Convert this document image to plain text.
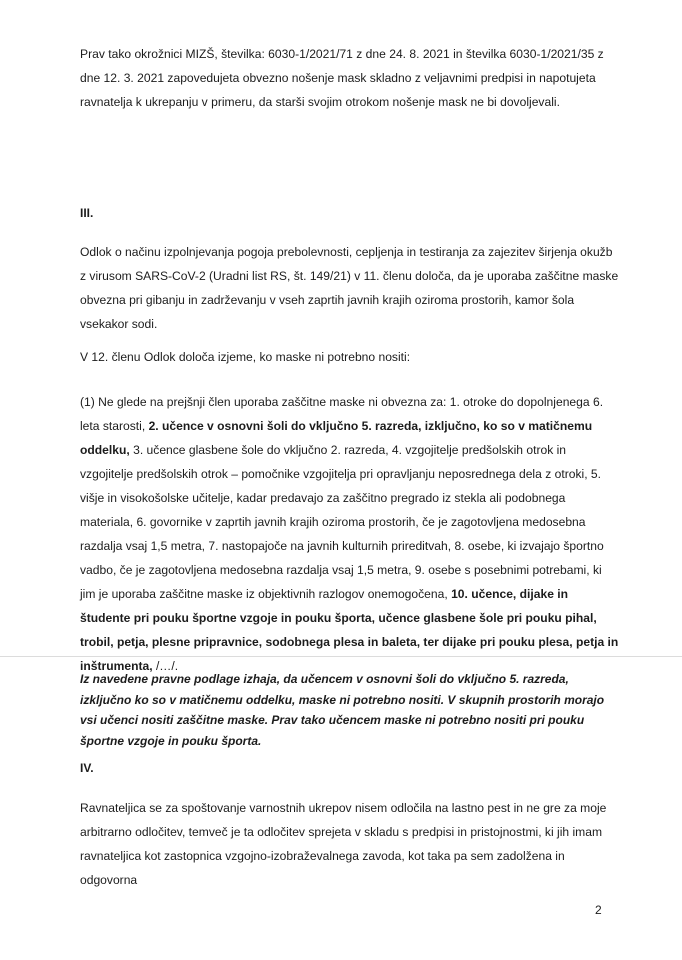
Prav tako okrožnici MIZŠ, številka: 6030-1/2021/71 z dne 24. 8. 2021 in številka 6030-1/2021/35 z dne 12. 3. 2021 zapovedujeta obvezno nošenje mask skladno z veljavnimi predpisi in napotujeta ravnatelja k ukrepanju v primeru, da starši svojim otrokom nošenje mask ne bi dovoljevali.

III.

Odlok o načinu izpolnjevanja pogoja prebolevnosti, cepljenja in testiranja za zajezitev širjenja okužb z virusom SARS-CoV-2 (Uradni list RS, št. 149/21) v 11. členu določa, da je uporaba zaščitne maske obvezna pri gibanju in zadrževanju v vseh zaprtih javnih krajih oziroma prostorih, kamor šola vsekakor sodi.

V 12. členu Odlok določa izjeme, ko maske ni potrebno nositi:

(1) Ne glede na prejšnji člen uporaba zaščitne maske ni obvezna za: 1. otroke do dopolnjenega 6. leta starosti, 2. učence v osnovni šoli do vključno 5. razreda, izključno, ko so v matičnemu oddelku, 3. učence glasbene šole do vključno 2. razreda, 4. vzgojitelje predšolskih otrok in vzgojitelje predšolskih otrok – pomočnike vzgojitelja pri opravljanju neposrednega dela z otroki, 5. višje in visokošolske učitelje, kadar predavajo za zaščitno pregrado iz stekla ali podobnega materiala, 6. govornike v zaprtih javnih krajih oziroma prostorih, če je zagotovljena medosebna razdalja vsaj 1,5 metra, 7. nastopajoče na javnih kulturnih prireditvah, 8. osebe, ki izvajajo športno vadbo, če je zagotovljena medosebna razdalja vsaj 1,5 metra, 9. osebe s posebnimi potrebami, ki jim je uporaba zaščitne maske iz objektivnih razlogov onemogočena, 10. učence, dijake in študente pri pouku športne vzgoje in pouku športa, učence glasbene šole pri pouku pihal, trobil, petja, plesne pripravnice, sodobnega plesa in baleta, ter dijake pri pouku plesa, petja in inštrumenta, /…/.

Iz navedene pravne podlage izhaja, da učencem v osnovni šoli do vključno 5. razreda, izključno ko so v matičnemu oddelku, maske ni potrebno nositi. V skupnih prostorih morajo vsi učenci nositi zaščitne maske. Prav tako učencem maske ni potrebno nositi pri pouku športne vzgoje in pouku športa.

IV.

Ravnateljica se za spoštovanje varnostnih ukrepov nisem odločila na lastno pest in ne gre za moje arbitrarno odločitev, temveč je ta odločitev sprejeta v skladu s predpisi in pristojnostmi, ki jih imam ravnateljica kot zastopnica vzgojno-izobraževalnega zavoda, kot taka pa sem zadolžena in odgovorna

2
